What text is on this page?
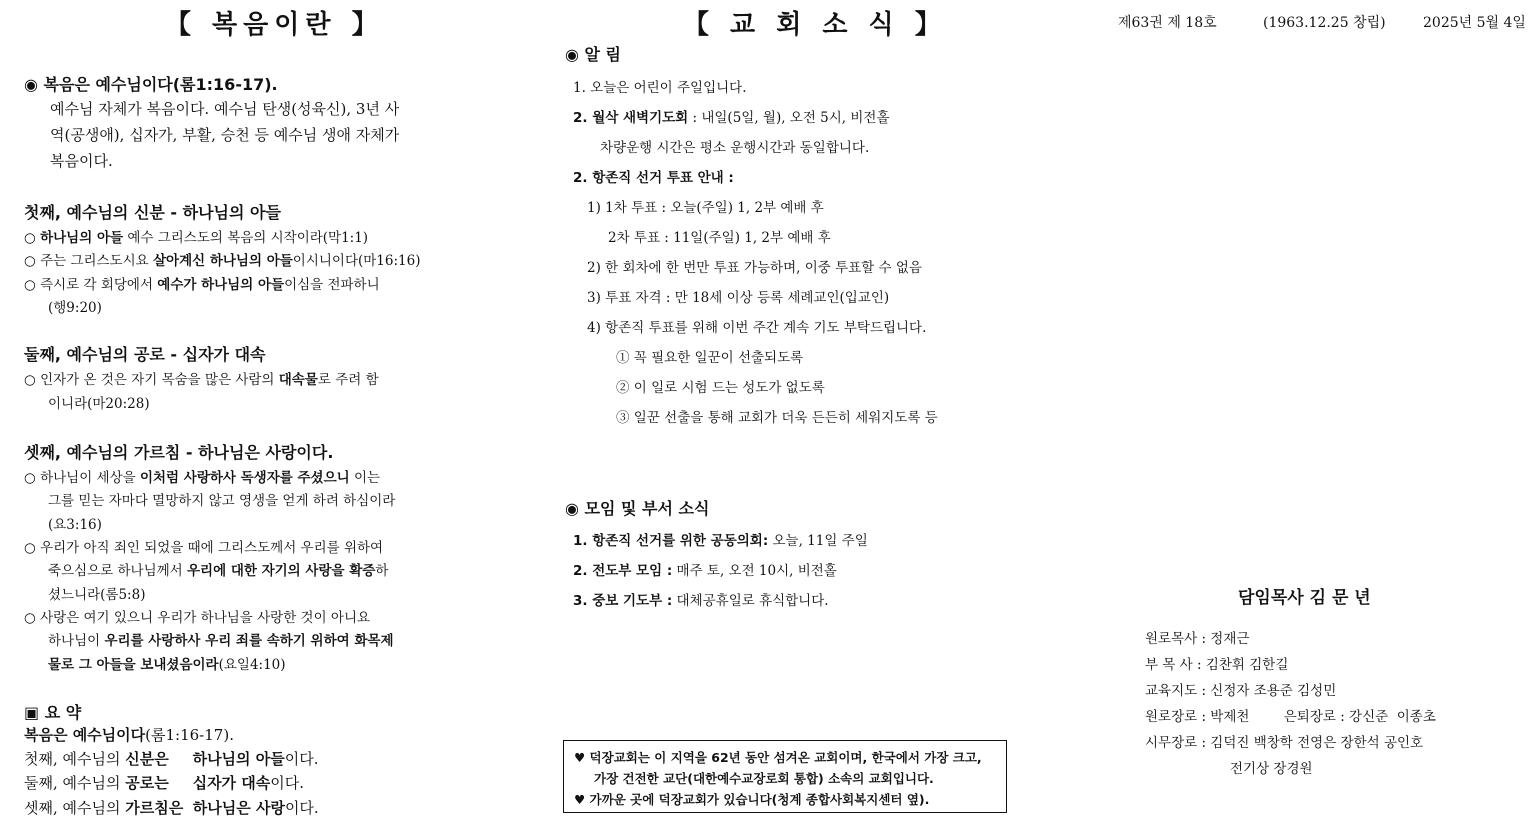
【 복음이란 】	【 교 회 소 식 】	제63권 제 18호	(1963.12.25 창립)	2025년 5월 4일
◉ 복음은 예수님이다(롬1:16-17).
예수님 자체가 복음이다. 예수님 탄생(성육신), 3년 사
역(공생애), 십자가, 부활, 승천 등 예수님 생애 자체가
복음이다.
첫째, 예수님의 신분 - 하나님의 아들
○ 하나님의 아들 예수 그리스도의 복음의 시작이라(막1:1)
○ 주는 그리스도시요 살아계신 하나님의 아들이시니이다(마16:16)
○ 즉시로 각 회당에서 예수가 하나님의 아들이심을 전파하니
(행9:20)
둘째, 예수님의 공로 - 십자가 대속
○ 인자가 온 것은 자기 목숨을 많은 사람의 대속물로 주려 함
이니라(마20:28)
셋째, 예수님의 가르침 - 하나님은 사랑이다.
○ 하나님이 세상을 이처럼 사랑하사 독생자를 주셨으니 이는
그를 믿는 자마다 멸망하지 않고 영생을 얻게 하려 하심이라
(요3:16)
○ 우리가 아직 죄인 되었을 때에 그리스도께서 우리를 위하여
죽으심으로 하나님께서 우리에 대한 자기의 사랑을 확증하
셨느니라(롬5:8)
○ 사랑은 여기 있으니 우리가 하나님을 사랑한 것이 아니요
하나님이 우리를 사랑하사 우리 죄를 속하기 위하여 화목제
물로 그 아들을 보내셨음이라(요일4:10)
▣ 요 약
복음은 예수님이다(롬1:16-17).
첫째, 예수님의 신분은 하나님의 아들이다.
둘째, 예수님의 공로는 십자가 대속이다.
셋째, 예수님의 가르침은 하나님은 사랑이다.
◉ 알 림
1. 오늘은 어린이 주일입니다.
2. 월삭 새벽기도회 : 내일(5일, 월), 오전 5시, 비전홀
차량운행 시간은 평소 운행시간과 동일합니다.
2. 항존직 선거 투표 안내 :
1) 1차 투표 : 오늘(주일) 1, 2부 예배 후
2차 투표 : 11일(주일) 1, 2부 예배 후
2) 한 회차에 한 번만 투표 가능하며, 이중 투표할 수 없음
3) 투표 자격 : 만 18세 이상 등록 세례교인(입교인)
4) 항존직 투표를 위해 이번 주간 계속 기도 부탁드립니다.
① 꼭 필요한 일꾼이 선출되도록
② 이 일로 시험 드는 성도가 없도록
③ 일꾼 선출을 통해 교회가 더욱 든든히 세워지도록 등
◉ 모임 및 부서 소식
1. 항존직 선거를 위한 공동의회: 오늘, 11일 주일
2. 전도부 모임 : 매주 토, 오전 10시, 비전홀
3. 중보 기도부 : 대체공휴일로 휴식합니다.
♥ 덕장교회는 이 지역을 62년 동안 섬겨온 교회이며, 한국에서 가장 크고,
가장 건전한 교단(대한예수교장로회 통합) 소속의 교회입니다.
♥ 가까운 곳에 덕장교회가 있습니다(청계 종합사회복지센터 옆).
담임목사 김 문 년
원로목사 : 정재근
부 목 사 : 김찬휘 김한길
교육지도 : 신정자 조용준 김성민
원로장로 : 박제천        은퇴장로 : 강신준  이종초
시무장로 : 김덕진 백창학 전영은 장한석 공인호
전기상 장경원
